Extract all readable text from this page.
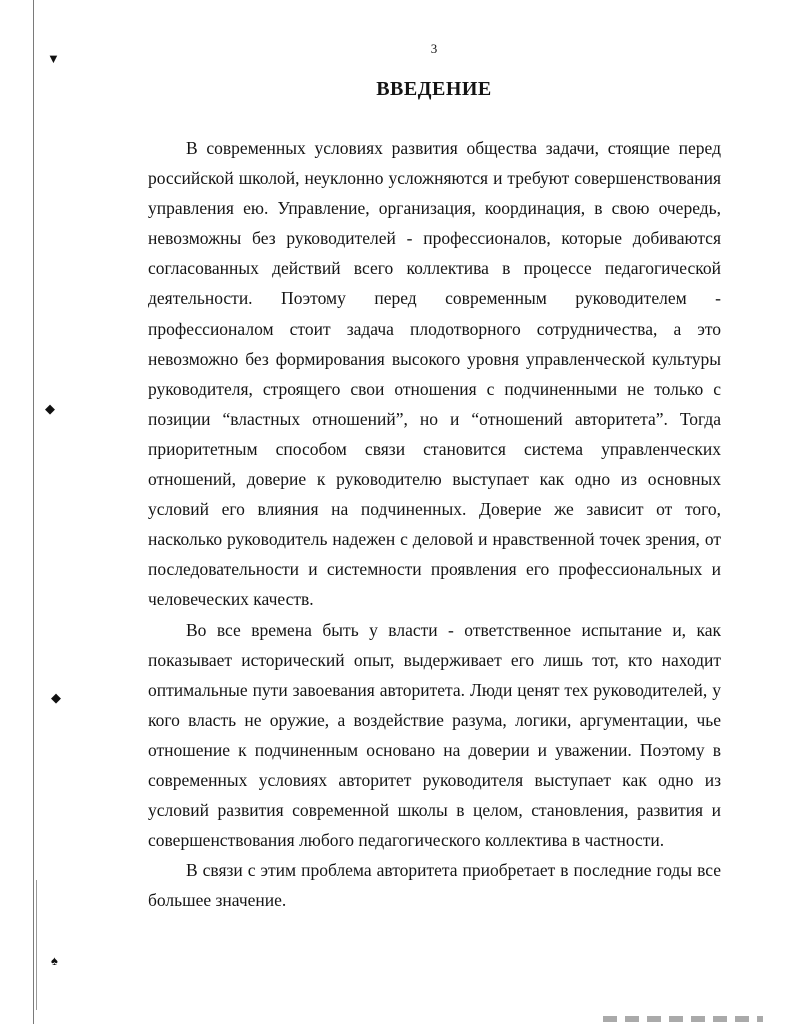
▼
◆
◆
♠
3
ВВЕДЕНИЕ

В современных условиях развития общества задачи, стоящие перед российской школой, неуклонно усложняются и требуют совершенствования управления ею. Управление, организация, координация, в свою очередь, невозможны без руководителей - профессионалов, которые добиваются согласованных действий всего коллектива в процессе педагогической деятельности. Поэтому перед современным руководителем - профессионалом стоит задача плодотворного сотрудничества, а это невозможно без формирования высокого уровня управленческой культуры руководителя, строящего свои отношения с подчиненными не только с позиции “властных отношений”, но и “отношений авторитета”. Тогда приоритетным способом связи становится система управленческих отношений, доверие к руководителю выступает как одно из основных условий его влияния на подчиненных. Доверие же зависит от того, насколько руководитель надежен с деловой и нравственной точек зрения, от последовательности и системности проявления его профессиональных и человеческих качеств.

Во все времена быть у власти - ответственное испытание и, как показывает исторический опыт, выдерживает его лишь тот, кто находит оптимальные пути завоевания авторитета. Люди ценят тех руководителей, у кого власть не оружие, а воздействие разума, логики, аргументации, чье отношение к подчиненным основано на доверии и уважении. Поэтому в современных условиях авторитет руководителя выступает как одно из условий развития современной школы в целом, становления, развития и совершенствования любого педагогического коллектива в частности.

В связи с этим проблема авторитета приобретает в последние годы все большее значение.
